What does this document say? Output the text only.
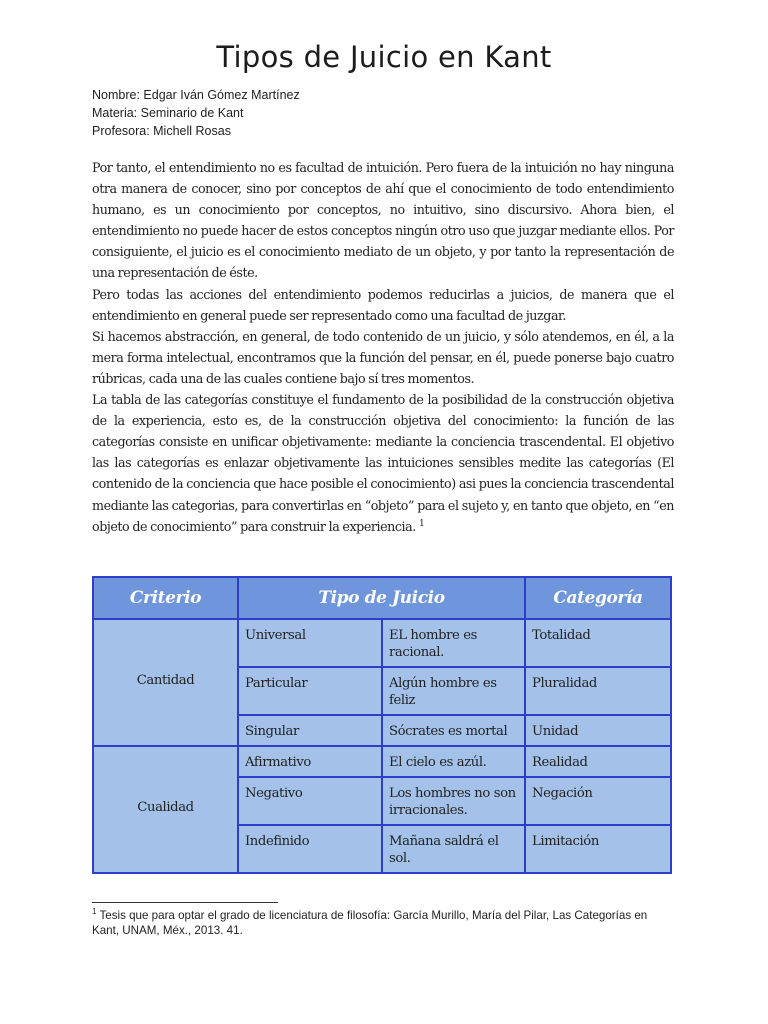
Tipos de Juicio en Kant
Nombre: Edgar Iván Gómez Martínez
Materia: Seminario de Kant
Profesora: Michell Rosas

Por tanto, el entendimiento no es facultad de intuición. Pero fuera de la intuición no hay ninguna otra manera de conocer, sino por conceptos de ahí que el conocimiento de todo entendimiento humano, es un conocimiento por conceptos, no intuitivo, sino discursivo. Ahora bien, el entendimiento no puede hacer de estos conceptos ningún otro uso que juzgar mediante ellos. Por consiguiente, el juicio es el conocimiento mediato de un objeto, y por tanto la representación de una representación de éste.

Pero todas las acciones del entendimiento podemos reducirlas a juicios, de manera que el entendimiento en general puede ser representado como una facultad de juzgar.

Si hacemos abstracción, en general, de todo contenido de un juicio, y sólo atendemos, en él, a la mera forma intelectual, encontramos que la función del pensar, en él, puede ponerse bajo cuatro rúbricas, cada una de las cuales contiene bajo sí tres momentos.

La tabla de las categorías constituye el fundamento de la posibilidad de la construcción objetiva de la experiencia, esto es, de la construcción objetiva del conocimiento: la función de las categorías consiste en unificar objetivamente: mediante la conciencia trascendental. El objetivo las las categorías es enlazar objetivamente las intuiciones sensibles medite las categorías (El contenido de la conciencia que hace posible el conocimiento) asi pues la conciencia trascendental mediante las categorias, para convertirlas en “objeto” para el sujeto y, en tanto que objeto, en “en objeto de conocimiento” para construir la experiencia. $^1$

Criterio	Tipo de Juicio		Categoría
Cantidad	Universal	EL hombre es racional.	Totalidad
	Particular	Algún hombre es feliz	Pluralidad
	Singular	Sócrates es mortal	Unidad
Cualidad	Afirmativo	El cielo es azúl.	Realidad
	Negativo	Los hombres no son irracionales.	Negación
	Indefinido	Mañana saldrá el sol.	Limitación
$^1$ Tesis que para optar el grado de licenciatura de filosofía: García Murillo, María del Pilar, Las Categorías en Kant, UNAM, Méx., 2013. 41.
